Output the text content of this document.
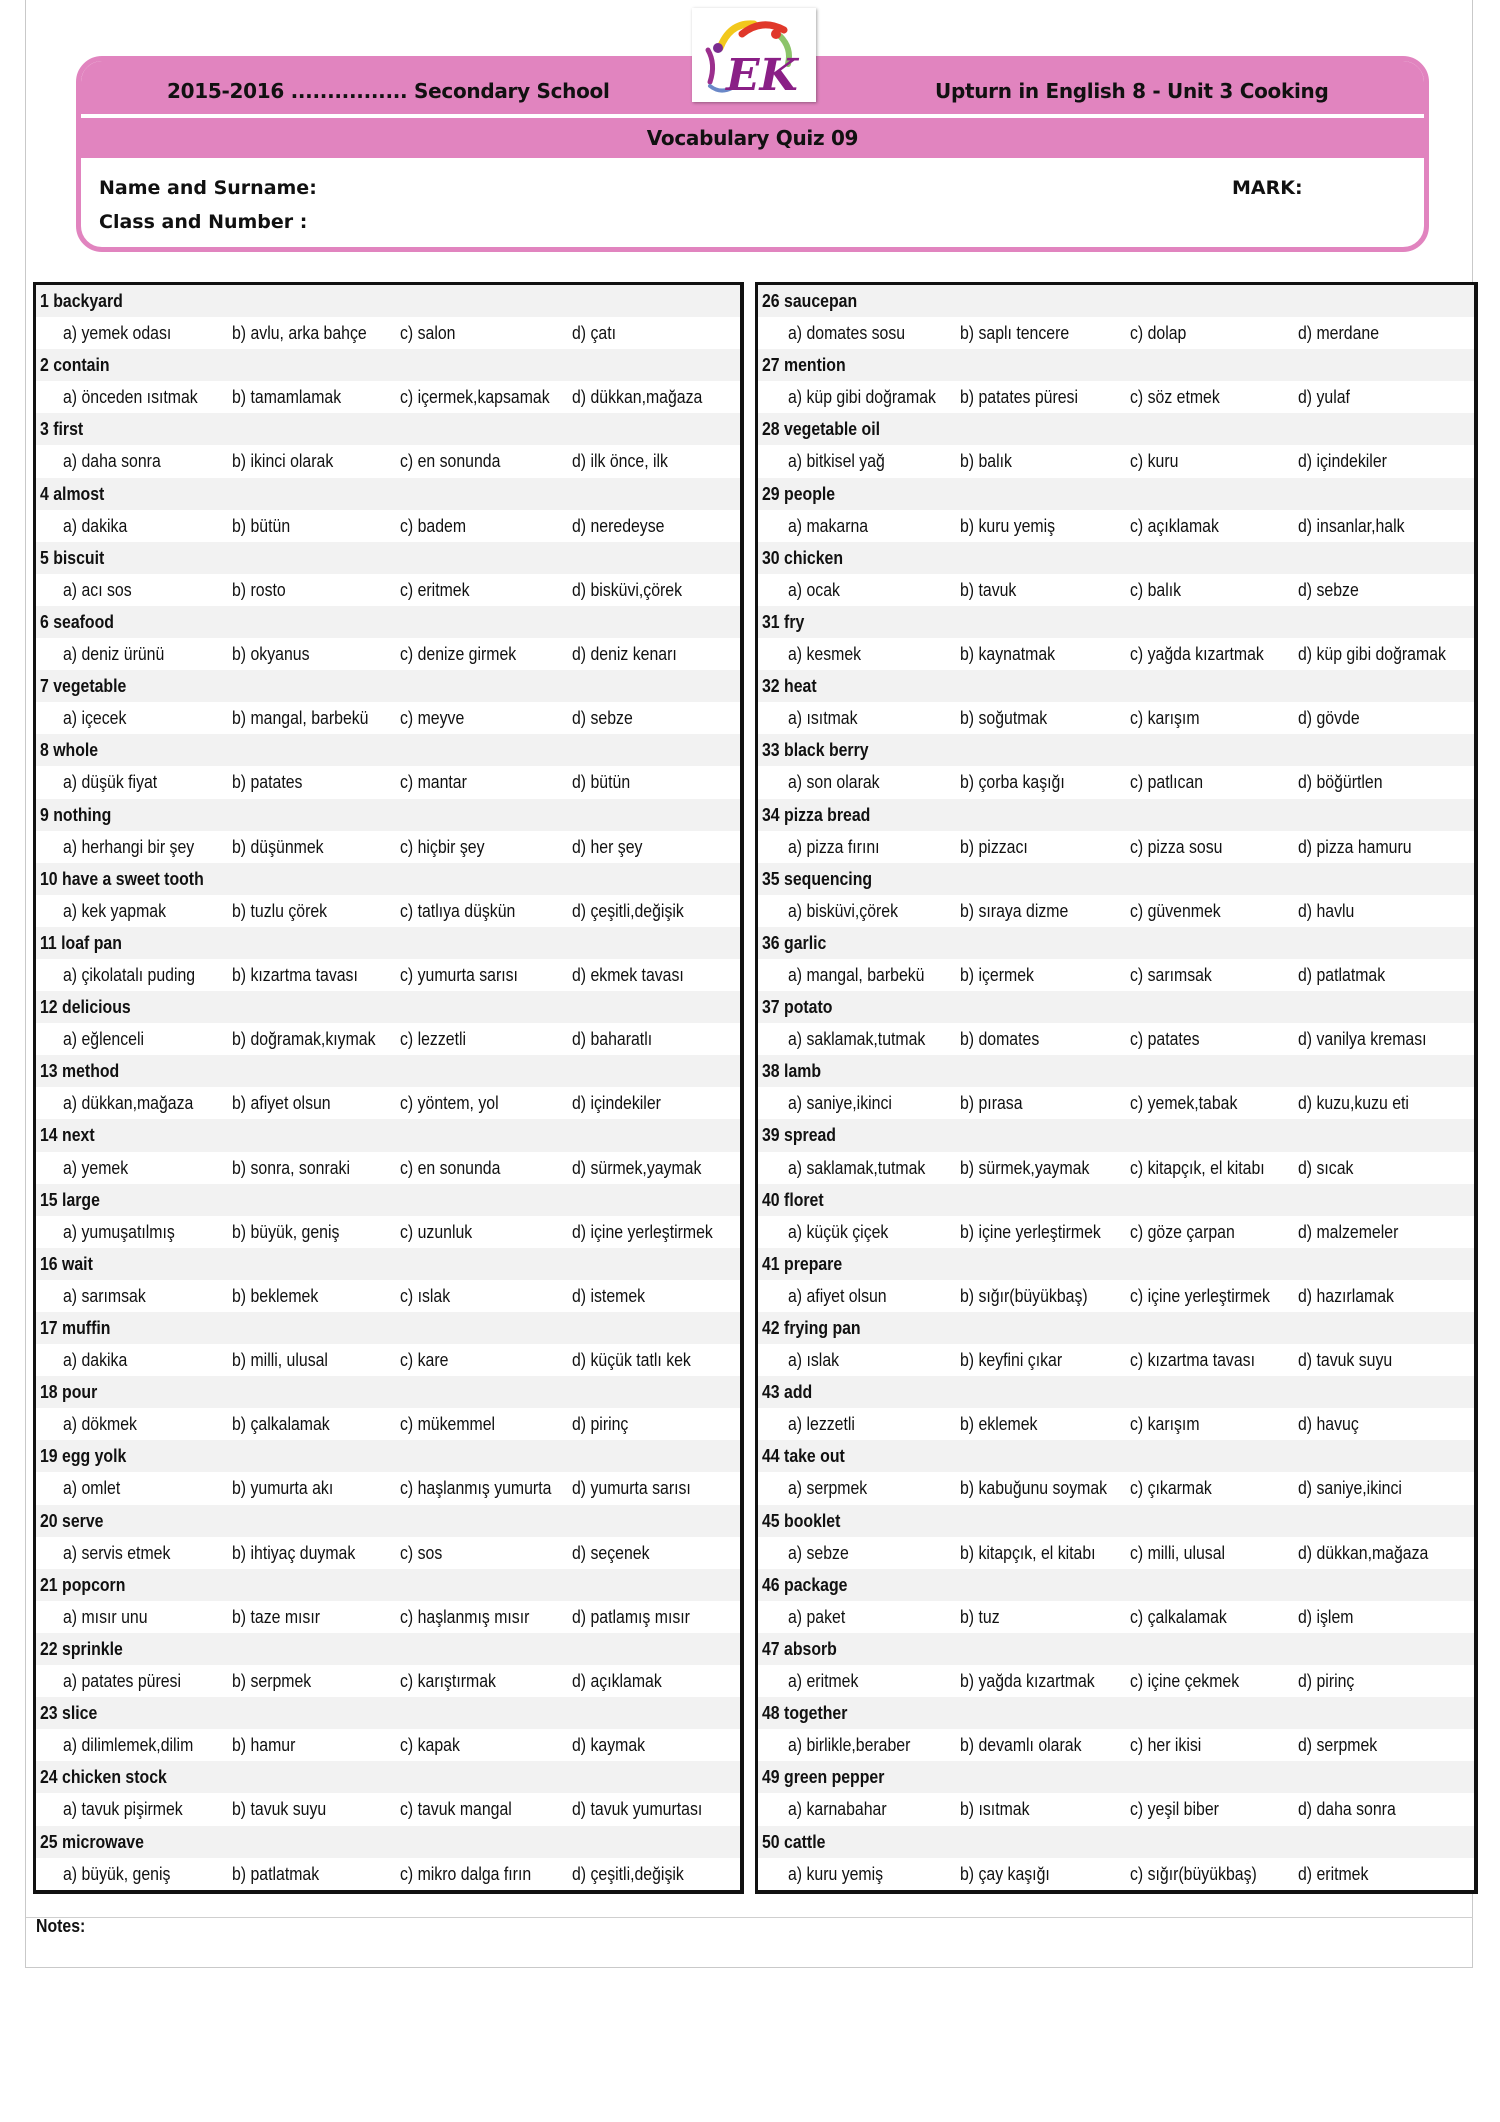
2015-2016 ................ Secondary School	Upturn in English 8 - Unit 3 Cooking
Vocabulary Quiz 09
Name and Surname:
Class and Number :
MARK:
EK
1 backyard
a) yemek odası	b) avlu, arka bahçe c) salon	d) çatı
2 contain
a) önceden ısıtmak b) tamamlamak	c) içermek,kapsamak d) dükkan,mağaza
3 first
a) daha sonra	b) ikinci olarak	c) en sonunda	d) ilk önce, ilk
4 almost
a) dakika	b) bütün	c) badem	d) neredeyse
5 biscuit
a) acı sos	b) rosto	c) eritmek	d) bisküvi,çörek
6 seafood
a) deniz ürünü	b) okyanus	c) denize girmek	d) deniz kenarı
7 vegetable
a) içecek	b) mangal, barbekü c) meyve	d) sebze
8 whole
a) düşük fiyat	b) patates	c) mantar	d) bütün
9 nothing
a) herhangi bir şey b) düşünmek	c) hiçbir şey	d) her şey
10 have a sweet tooth
a) kek yapmak	b) tuzlu çörek	c) tatlıya düşkün	d) çeşitli,değişik
11 loaf pan
a) çikolatalı puding b) kızartma tavası c) yumurta sarısı	d) ekmek tavası
12 delicious
a) eğlenceli	b) doğramak,kıymak c) lezzetli	d) baharatlı
13 method
a) dükkan,mağaza b) afiyet olsun	c) yöntem, yol	d) içindekiler
14 next
a) yemek	b) sonra, sonraki	c) en sonunda	d) sürmek,yaymak
15 large
a) yumuşatılmış	b) büyük, geniş	c) uzunluk	d) içine yerleştirmek
16 wait
a) sarımsak	b) beklemek	c) ıslak	d) istemek
17 muffin
a) dakika	b) milli, ulusal	c) kare	d) küçük tatlı kek
18 pour
a) dökmek	b) çalkalamak	c) mükemmel	d) pirinç
19 egg yolk
a) omlet	b) yumurta akı	c) haşlanmış yumurta d) yumurta sarısı
20 serve
a) servis etmek	b) ihtiyaç duymak c) sos	d) seçenek
21 popcorn
a) mısır unu	b) taze mısır	c) haşlanmış mısır d) patlamış mısır
22 sprinkle
a) patates püresi	b) serpmek	c) karıştırmak	d) açıklamak
23 slice
a) dilimlemek,dilim b) hamur	c) kapak	d) kaymak
24 chicken stock
a) tavuk pişirmek	b) tavuk suyu	c) tavuk mangal	d) tavuk yumurtası
25 microwave
a) büyük, geniş	b) patlatmak	c) mikro dalga fırın d) çeşitli,değişik
26 saucepan
a) domates sosu	b) saplı tencere	c) dolap	d) merdane
27 mention
a) küp gibi doğramak b) patates püresi	c) söz etmek	d) yulaf
28 vegetable oil
a) bitkisel yağ	b) balık	c) kuru	d) içindekiler
29 people
a) makarna	b) kuru yemiş	c) açıklamak	d) insanlar,halk
30 chicken
a) ocak	b) tavuk	c) balık	d) sebze
31 fry
a) kesmek	b) kaynatmak	c) yağda kızartmak d) küp gibi doğramak
32 heat
a) ısıtmak	b) soğutmak	c) karışım	d) gövde
33 black berry
a) son olarak	b) çorba kaşığı	c) patlıcan	d) böğürtlen
34 pizza bread
a) pizza fırını	b) pizzacı	c) pizza sosu	d) pizza hamuru
35 sequencing
a) bisküvi,çörek	b) sıraya dizme	c) güvenmek	d) havlu
36 garlic
a) mangal, barbekü b) içermek	c) sarımsak	d) patlatmak
37 potato
a) saklamak,tutmak b) domates	c) patates	d) vanilya kreması
38 lamb
a) saniye,ikinci	b) pırasa	c) yemek,tabak	d) kuzu,kuzu eti
39 spread
a) saklamak,tutmak b) sürmek,yaymak c) kitapçık, el kitabı d) sıcak
40 floret
a) küçük çiçek	b) içine yerleştirmek c) göze çarpan	d) malzemeler
41 prepare
a) afiyet olsun	b) sığır(büyükbaş) c) içine yerleştirmek d) hazırlamak
42 frying pan
a) ıslak	b) keyfini çıkar	c) kızartma tavası d) tavuk suyu
43 add
a) lezzetli	b) eklemek	c) karışım	d) havuç
44 take out
a) serpmek	b) kabuğunu soymak c) çıkarmak	d) saniye,ikinci
45 booklet
a) sebze	b) kitapçık, el kitabı c) milli, ulusal	d) dükkan,mağaza
46 package
a) paket	b) tuz	c) çalkalamak	d) işlem
47 absorb
a) eritmek	b) yağda kızartmak c) içine çekmek	d) pirinç
48 together
a) birlikle,beraber	b) devamlı olarak	c) her ikisi	d) serpmek
49 green pepper
a) karnabahar	b) ısıtmak	c) yeşil biber	d) daha sonra
50 cattle
a) kuru yemiş	b) çay kaşığı	c) sığır(büyükbaş) d) eritmek
Notes:
